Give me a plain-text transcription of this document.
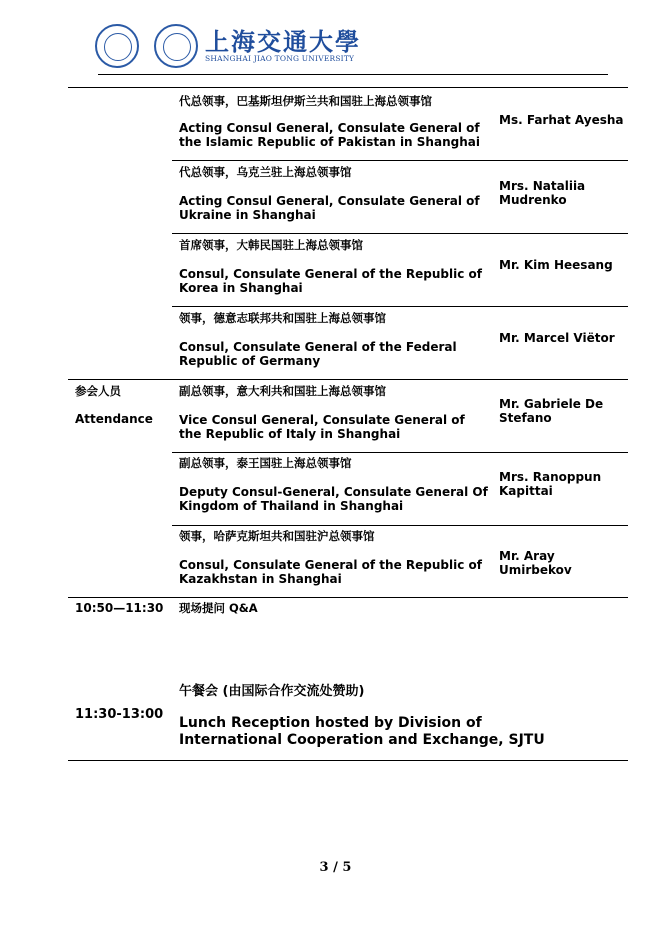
上海交通大學
SHANGHAI JIAO TONG UNIVERSITY
代总领事，巴基斯坦伊斯兰共和国驻上海总领事馆
Acting Consul General, Consulate General of the Islamic Republic of Pakistan in Shanghai
Ms. Farhat Ayesha
代总领事，乌克兰驻上海总领事馆
Acting Consul General, Consulate General of Ukraine in Shanghai
Mrs. Nataliia Mudrenko
首席领事，大韩民国驻上海总领事馆
Consul, Consulate General of the Republic of Korea in Shanghai
Mr. Kim Heesang
领事，德意志联邦共和国驻上海总领事馆
Consul, Consulate General of the Federal Republic of Germany
Mr. Marcel Viëtor
参会人员
Attendance
副总领事，意大利共和国驻上海总领事馆
Vice Consul General, Consulate General of the Republic of Italy in Shanghai
Mr. Gabriele De Stefano
副总领事，泰王国驻上海总领事馆
Deputy Consul-General, Consulate General Of Kingdom of Thailand in Shanghai
Mrs. Ranoppun Kapittai
领事，哈萨克斯坦共和国驻沪总领事馆
Consul, Consulate General of the Republic of Kazakhstan in Shanghai
Mr. Aray Umirbekov
10:50—11:30 现场提问 Q&A
午餐会 (由国际合作交流处赞助)
11:30-13:00
Lunch Reception hosted by Division of International Cooperation and Exchange, SJTU
3 / 5
